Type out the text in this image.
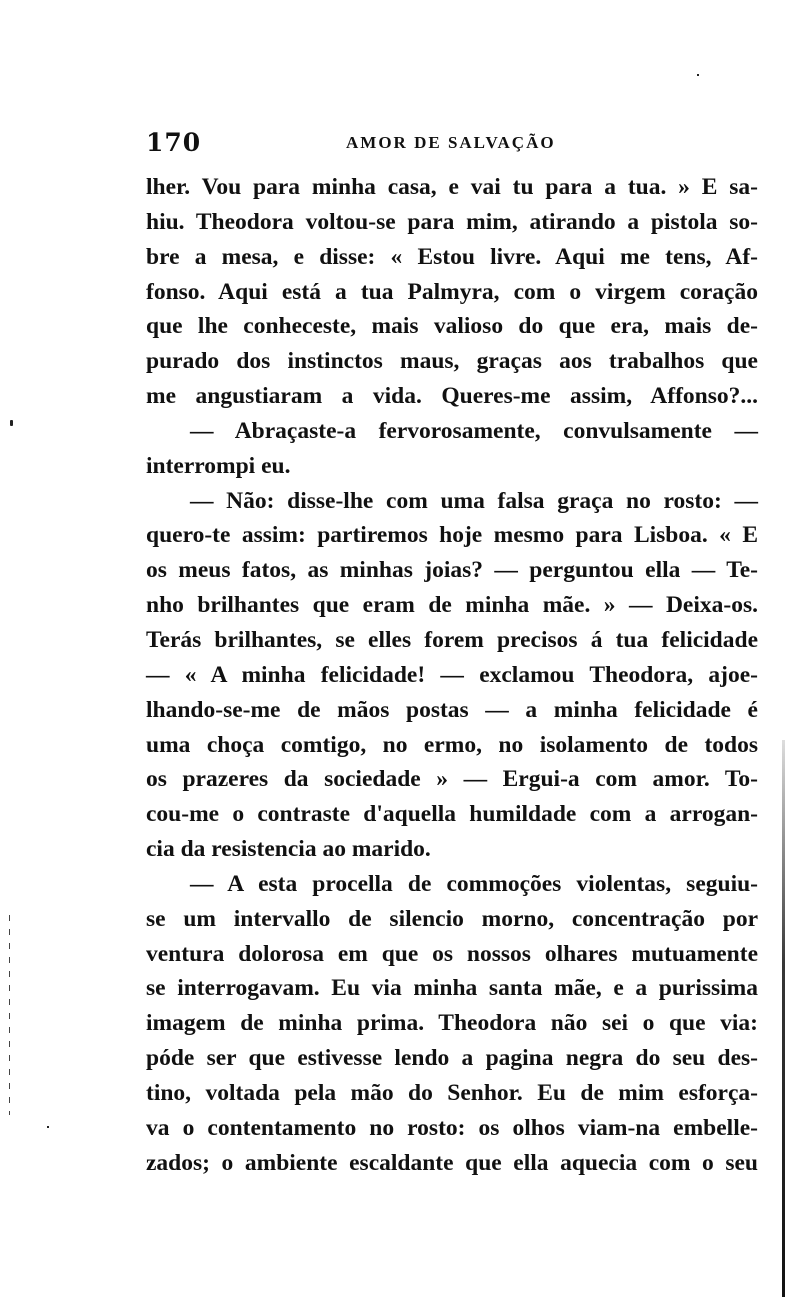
170	AMOR DE SALVAÇÃO
lher. Vou para minha casa, e vai tu para a tua. » E sa-
hiu. Theodora voltou-se para mim, atirando a pistola so-
bre a mesa, e disse: « Estou livre. Aqui me tens, Af-
fonso. Aqui está a tua Palmyra, com o virgem coração
que lhe conheceste, mais valioso do que era, mais de-
purado dos instinctos maus, graças aos trabalhos que
me angustiaram a vida. Queres-me assim, Affonso?...
— Abraçaste-a fervorosamente, convulsamente —
interrompi eu.
— Não: disse-lhe com uma falsa graça no rosto: —
quero-te assim: partiremos hoje mesmo para Lisboa. « E
os meus fatos, as minhas joias? — perguntou ella — Te-
nho brilhantes que eram de minha mãe. » — Deixa-os.
Terás brilhantes, se elles forem precisos á tua felicidade
— « A minha felicidade! — exclamou Theodora, ajoe-
lhando-se-me de mãos postas — a minha felicidade é
uma choça comtigo, no ermo, no isolamento de todos
os prazeres da sociedade » — Ergui-a com amor. To-
cou-me o contraste d'aquella humildade com a arrogan-
cia da resistencia ao marido.
— A esta procella de commoções violentas, seguiu-
se um intervallo de silencio morno, concentração por
ventura dolorosa em que os nossos olhares mutuamente
se interrogavam. Eu via minha santa mãe, e a purissima
imagem de minha prima. Theodora não sei o que via:
póde ser que estivesse lendo a pagina negra do seu des-
tino, voltada pela mão do Senhor. Eu de mim esforça-
va o contentamento no rosto: os olhos viam-na embelle-
zados; o ambiente escaldante que ella aquecia com o seu
